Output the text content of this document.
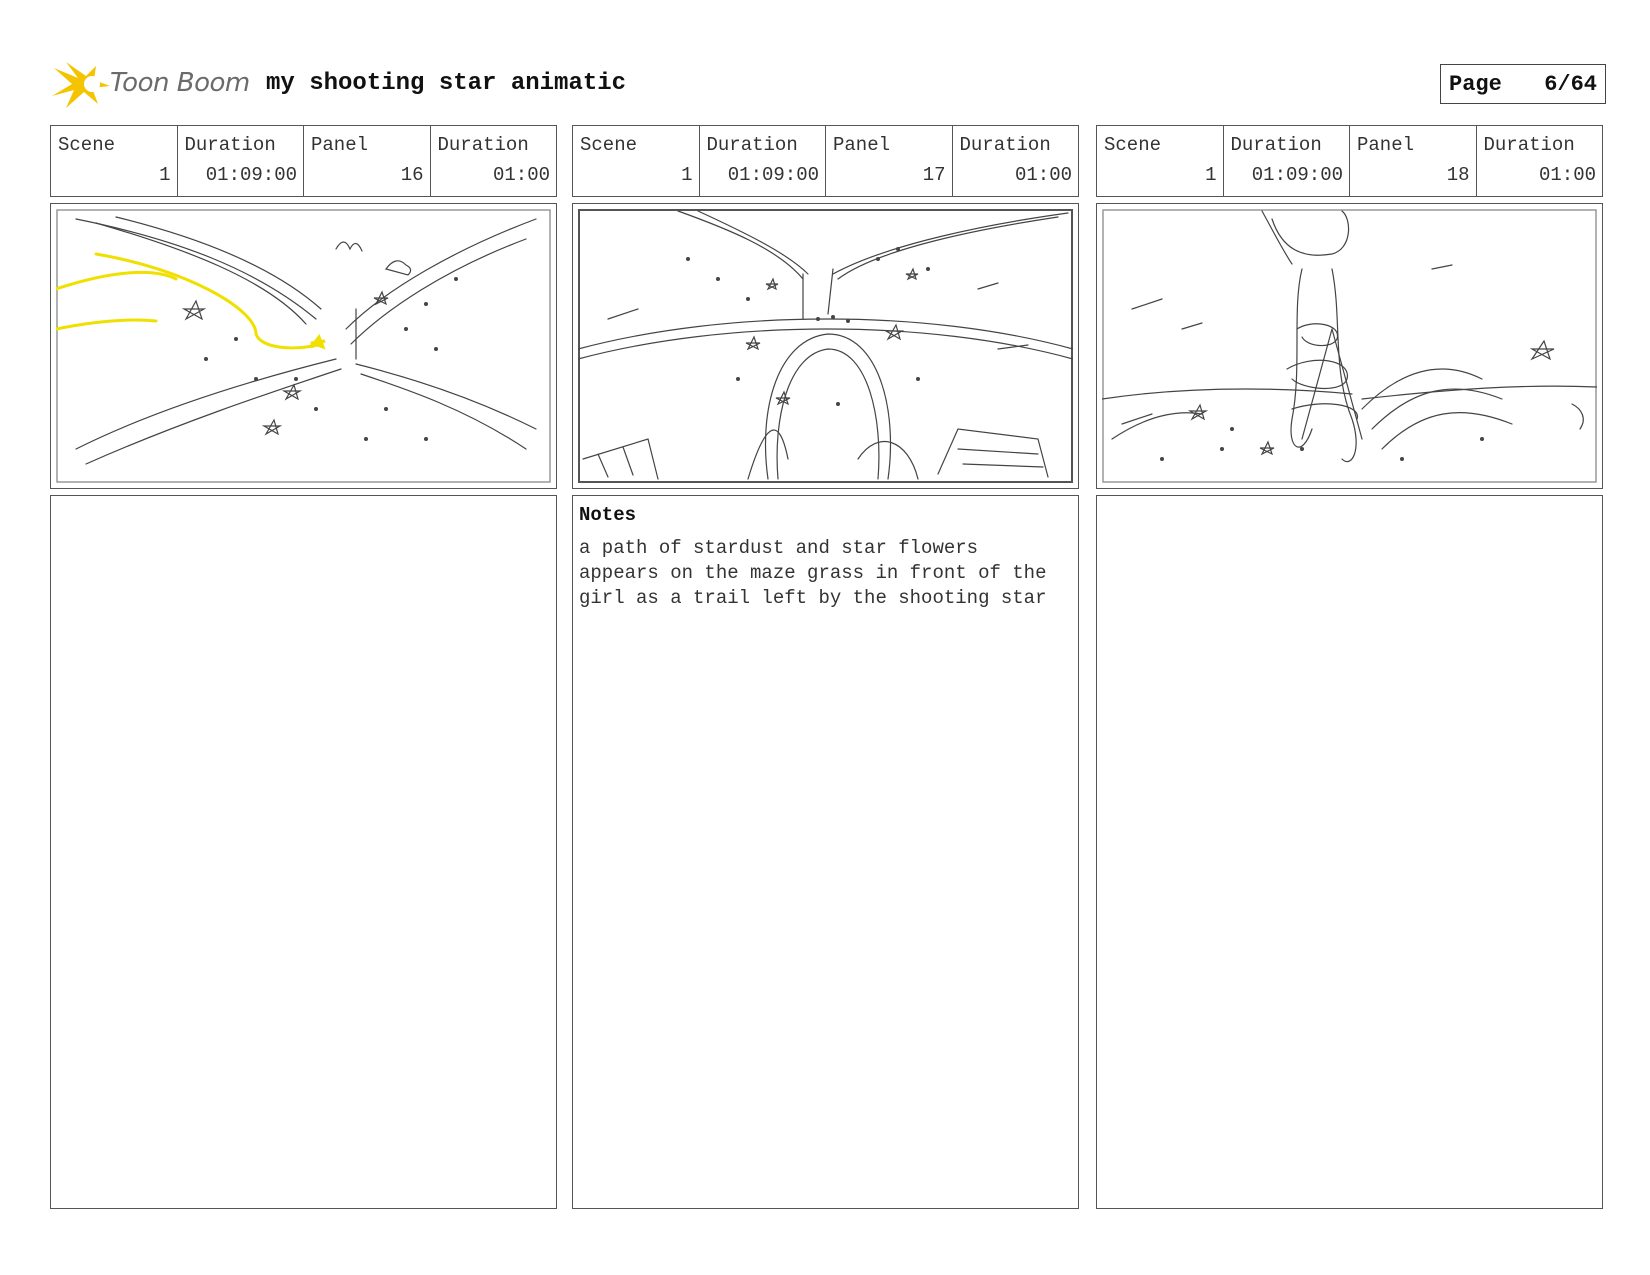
Toon Boom my shooting star animatic	Page 6/64
Scene
1
Duration
01:09:00
Panel
16
Duration
01:00
Scene
1
Duration
01:09:00
Panel
17
Duration
01:00
Notes
a path of stardust and star flowers appears on the maze grass in front of the girl as a trail left by the shooting star
Scene
1
Duration
01:09:00
Panel
18
Duration
01:00
